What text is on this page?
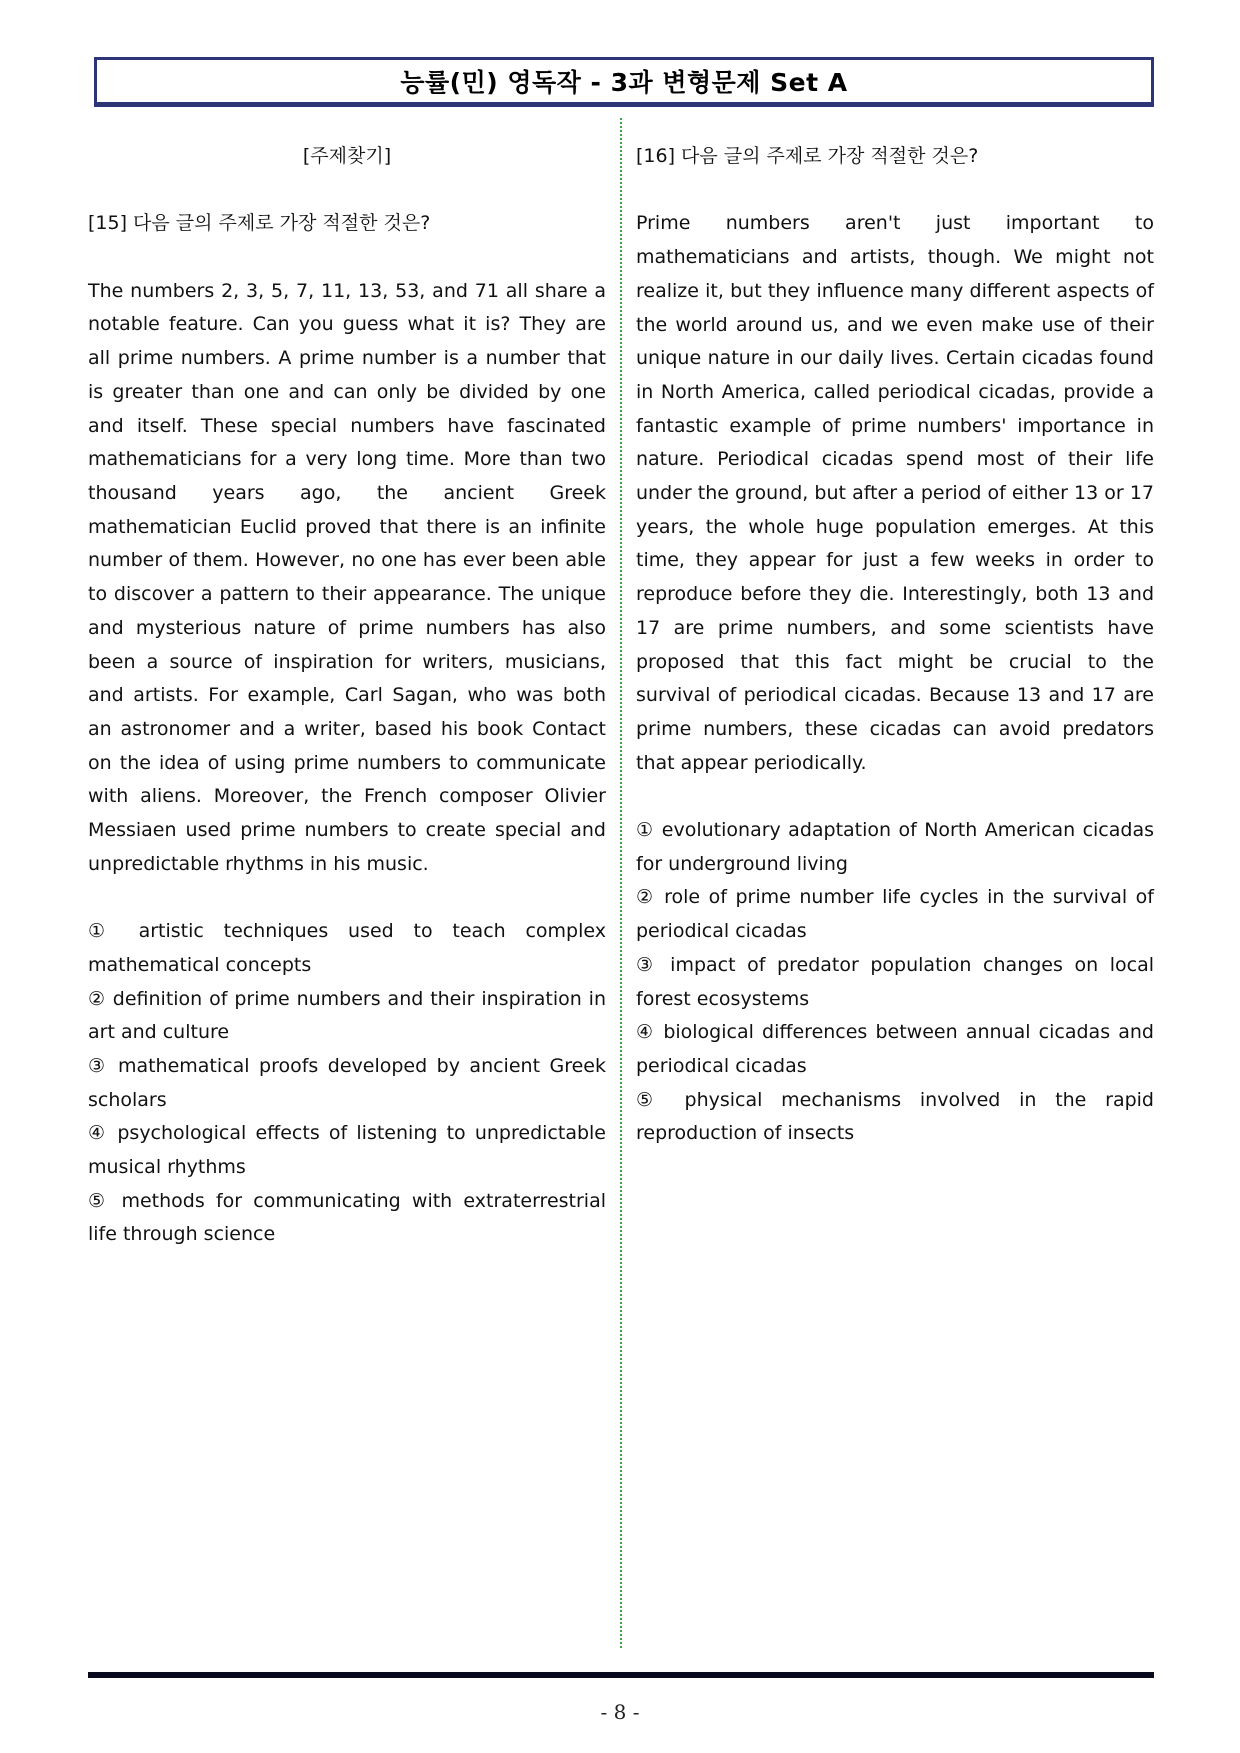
능률(민) 영독작 - 3과 변형문제 Set A

[주제찾기]

[15] 다음 글의 주제로 가장 적절한 것은?

The numbers 2, 3, 5, 7, 11, 13, 53, and 71 all share a notable feature. Can you guess what it is? They are all prime numbers. A prime number is a number that is greater than one and can only be divided by one and itself. These special numbers have fascinated mathematicians for a very long time. More than two thousand years ago, the ancient Greek mathematician Euclid proved that there is an infinite number of them. However, no one has ever been able to discover a pattern to their appearance. The unique and mysterious nature of prime numbers has also been a source of inspiration for writers, musicians, and artists. For example, Carl Sagan, who was both an astronomer and a writer, based his book Contact on the idea of using prime numbers to communicate with aliens. Moreover, the French composer Olivier Messiaen used prime numbers to create special and unpredictable rhythms in his music.

① artistic techniques used to teach complex mathematical concepts

② definition of prime numbers and their inspiration in art and culture

③ mathematical proofs developed by ancient Greek scholars

④ psychological effects of listening to unpredictable musical rhythms

⑤ methods for communicating with extraterrestrial life through science

[16] 다음 글의 주제로 가장 적절한 것은?

Prime numbers aren't just important to mathematicians and artists, though. We might not realize it, but they influence many different aspects of the world around us, and we even make use of their unique nature in our daily lives. Certain cicadas found in North America, called periodical cicadas, provide a fantastic example of prime numbers' importance in nature. Periodical cicadas spend most of their life under the ground, but after a period of either 13 or 17 years, the whole huge population emerges. At this time, they appear for just a few weeks in order to reproduce before they die. Interestingly, both 13 and 17 are prime numbers, and some scientists have proposed that this fact might be crucial to the survival of periodical cicadas. Because 13 and 17 are prime numbers, these cicadas can avoid predators that appear periodically.

① evolutionary adaptation of North American cicadas for underground living

② role of prime number life cycles in the survival of periodical cicadas

③ impact of predator population changes on local forest ecosystems

④ biological differences between annual cicadas and periodical cicadas

⑤ physical mechanisms involved in the rapid reproduction of insects

- 8 -
